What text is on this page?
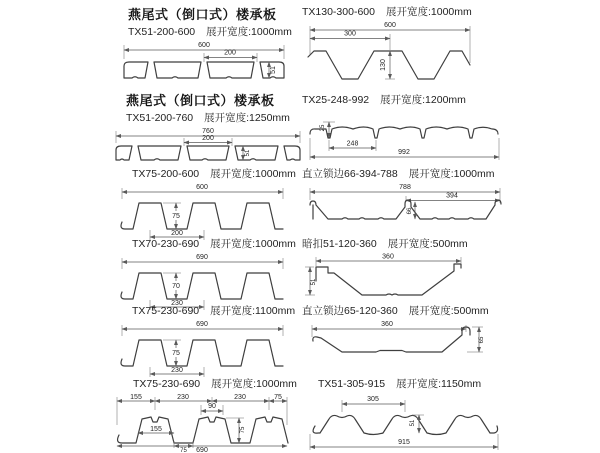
燕尾式（倒口式）楼承板
TX51-200-600 展开宽度:1000mm
600
200
51
TX130-300-600 展开宽度:1000mm
600
300
130
燕尾式（倒口式）楼承板
TX51-200-760 展开宽度:1250mm
760
200
51
TX25-248-992 展开宽度:1200mm
25
248
992
TX75-200-600 展开宽度:1000mm
600
75
200
直立锁边66-394-788 展开宽度:1000mm
788
394
66
TX70-230-690 展开宽度:1000mm
690
70
230
暗扣51-120-360 展开宽度:500mm
360
51
TX75-230-690 展开宽度:1100mm
690
75
230
直立锁边65-120-360 展开宽度:500mm
360
65
TX75-230-690 展开宽度:1000mm
155	230	230	75
90
155
75
75
690
TX51-305-915 展开宽度:1150mm
305
51
915
